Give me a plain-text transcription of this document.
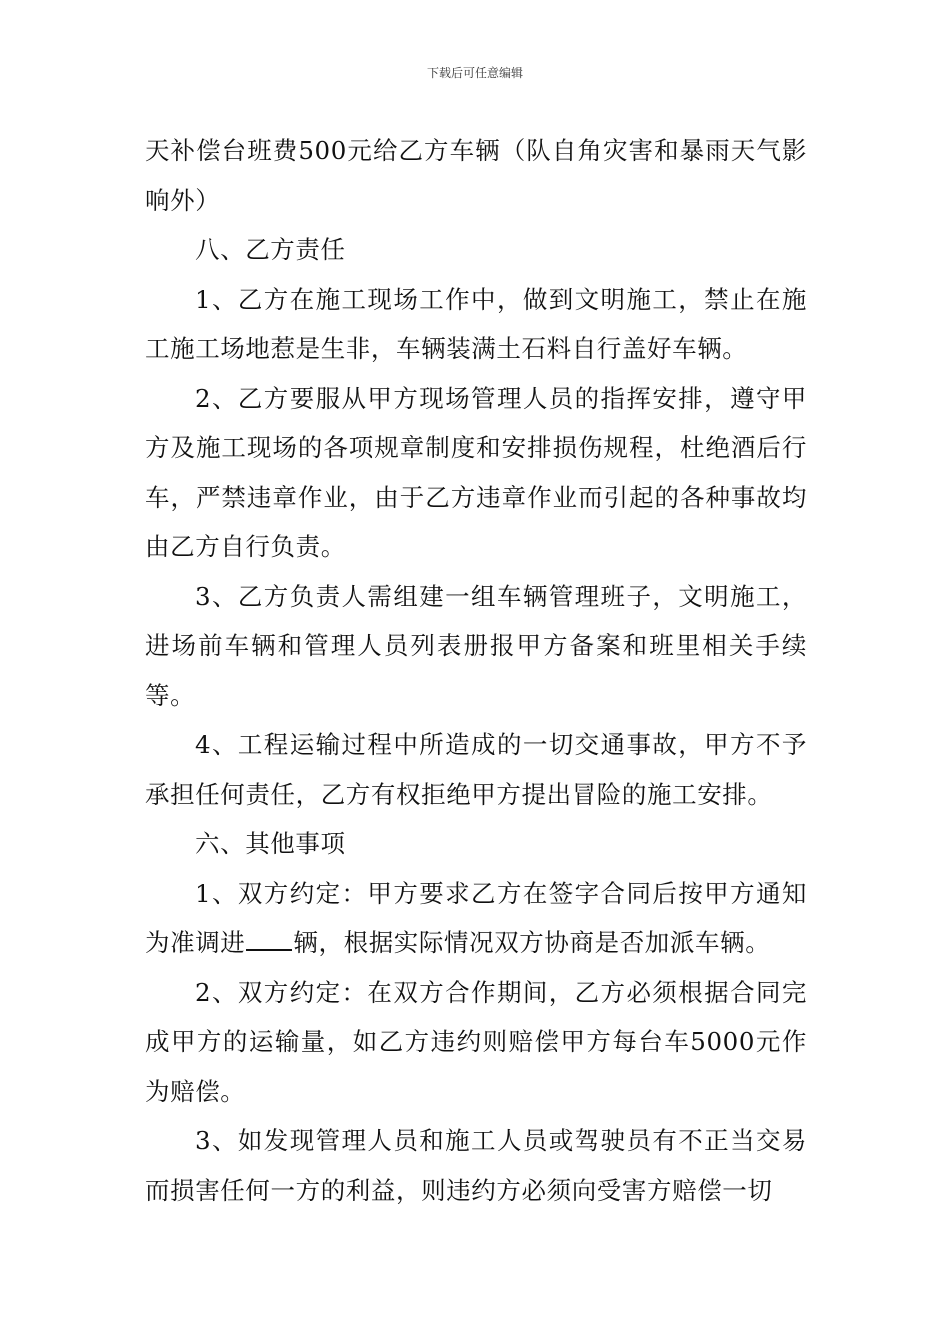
下载后可任意编辑

天补偿台班费500元给乙方车辆（队自角灾害和暴雨天气影响外）

八、乙方责任

1、乙方在施工现场工作中，做到文明施工，禁止在施工施工场地惹是生非，车辆装满土石料自行盖好车辆。

2、乙方要服从甲方现场管理人员的指挥安排，遵守甲方及施工现场的各项规章制度和安排损伤规程，杜绝酒后行车，严禁违章作业，由于乙方违章作业而引起的各种事故均由乙方自行负责。

3、乙方负责人需组建一组车辆管理班子，文明施工，进场前车辆和管理人员列表册报甲方备案和班里相关手续等。

4、工程运输过程中所造成的一切交通事故，甲方不予承担任何责任，乙方有权拒绝甲方提出冒险的施工安排。

六、其他事项

1、双方约定：甲方要求乙方在签字合同后按甲方通知为准调进 辆，根据实际情况双方协商是否加派车辆。

2、双方约定：在双方合作期间，乙方必须根据合同完成甲方的运输量，如乙方违约则赔偿甲方每台车5000元作为赔偿。

3、如发现管理人员和施工人员或驾驶员有不正当交易而损害任何一方的利益，则违约方必须向受害方赔偿一切
